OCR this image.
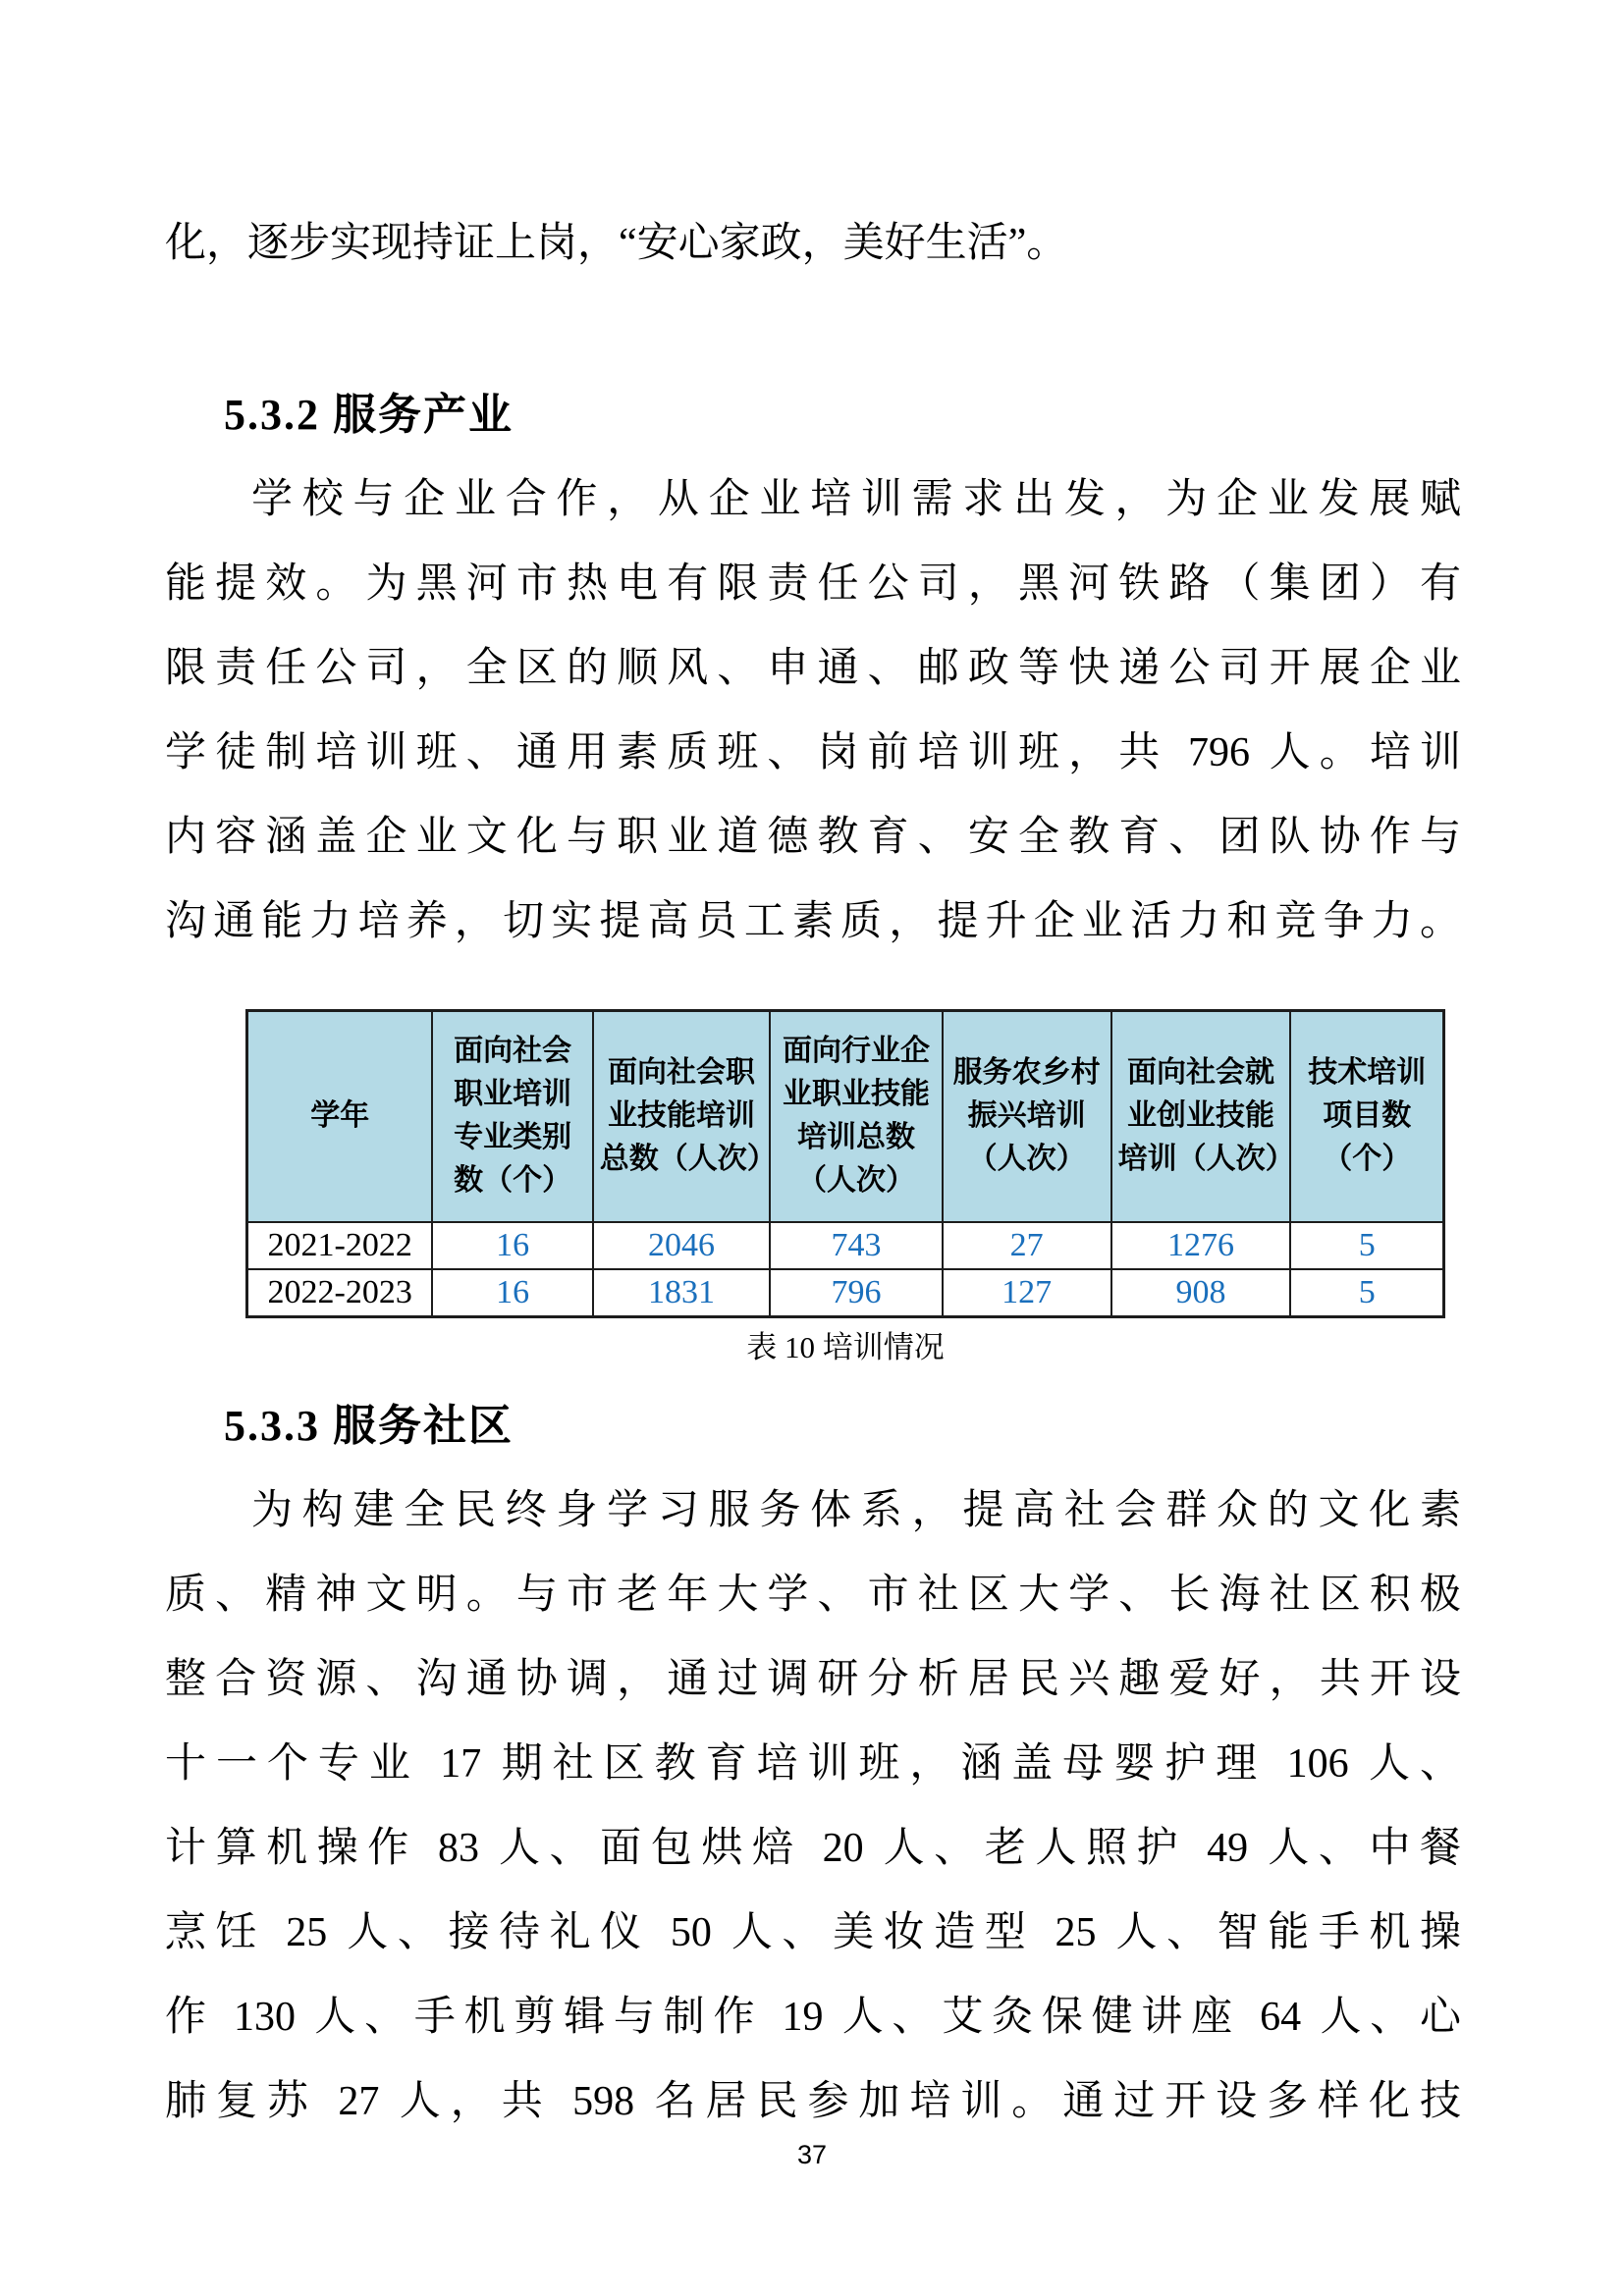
化，逐步实现持证上岗，“安心家政，美好生活”。
5.3.2 服务产业
学校与企业合作，从企业培训需求出发，为企业发展赋
能提效。为黑河市热电有限责任公司，黑河铁路（集团）有
限责任公司，全区的顺风、申通、邮政等快递公司开展企业
学徒制培训班、通用素质班、岗前培训班，共 796 人。培训
内容涵盖企业文化与职业道德教育、安全教育、团队协作与
沟通能力培养，切实提高员工素质，提升企业活力和竞争力。
学年	面向社会职业培训专业类别数（个）	面向社会职业技能培训总数（人次）	面向行业企业职业技能培训总数 （人次）	服务农乡村振兴培训（人次）	面向社会就业创业技能培训（人次）	技术培训项目数 （个）
2021-2022	16	2046	743	27	1276	5
2022-2023	16	1831	796	127	908	5
表 10 培训情况
5.3.3 服务社区
为构建全民终身学习服务体系，提高社会群众的文化素
质、精神文明。与市老年大学、市社区大学、长海社区积极
整合资源、沟通协调，通过调研分析居民兴趣爱好，共开设
十一个专业 17 期社区教育培训班，涵盖母婴护理 106 人、
计算机操作 83 人、面包烘焙 20 人、老人照护 49 人、中餐
烹饪 25 人、接待礼仪 50 人、美妆造型 25 人、智能手机操
作 130 人、手机剪辑与制作 19 人、艾灸保健讲座 64 人、心
肺复苏 27 人，共 598 名居民参加培训。通过开设多样化技
37
